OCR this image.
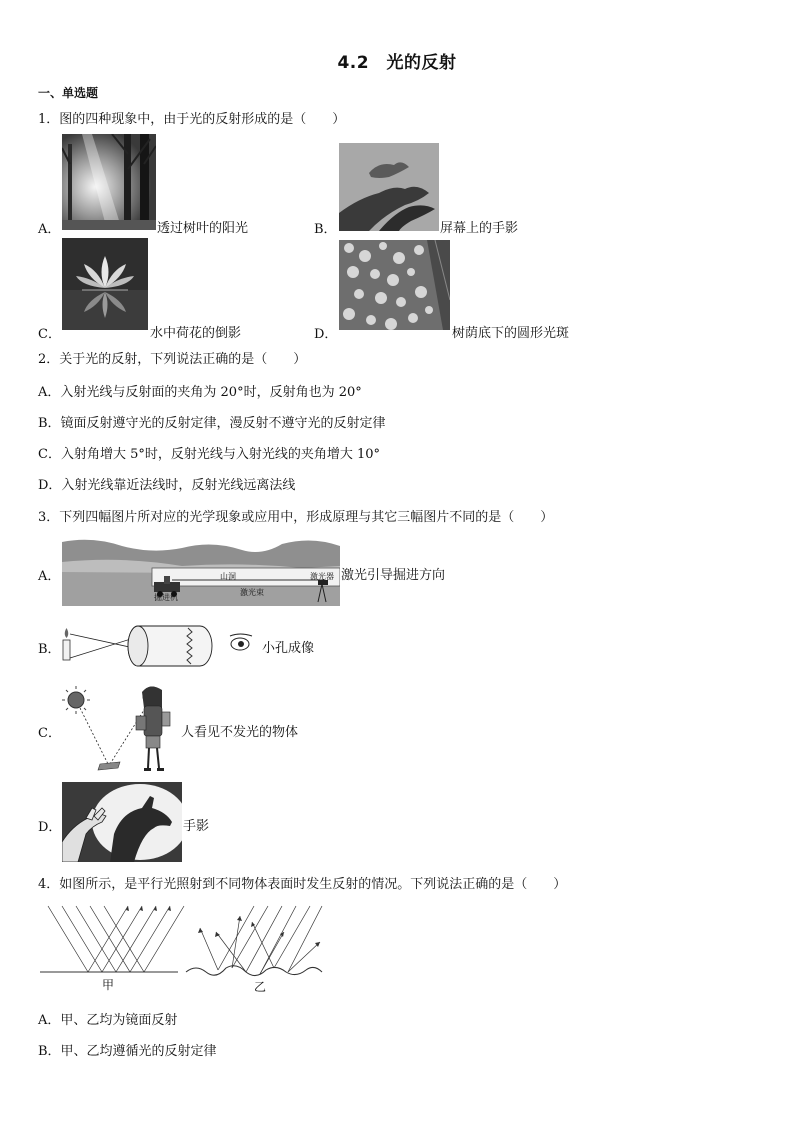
4.2　光的反射
一、单选题
1．图的四种现象中，由于光的反射形成的是（　　）
A．	透过树叶的阳光	B．	屏幕上的手影
C．	水中荷花的倒影	D．	树荫底下的圆形光斑
2．关于光的反射，下列说法正确的是（　　）
A．入射光线与反射面的夹角为 20°时，反射角也为 20°
B．镜面反射遵守光的反射定律，漫反射不遵守光的反射定律
C．入射角增大 5°时，反射光线与入射光线的夹角增大 10°
D．入射光线靠近法线时，反射光线远离法线
3．下列四幅图片所对应的光学现象或应用中，形成原理与其它三幅图片不同的是（　　）
A．	山洞	激光器
激光束
掘进机
激光引导掘进方向
B．	小孔成像
C．	人看见不发光的物体
D．	手影
4．如图所示，是平行光照射到不同物体表面时发生反射的情况。下列说法正确的是（　　）
甲	乙
A．甲、乙均为镜面反射
B．甲、乙均遵循光的反射定律
